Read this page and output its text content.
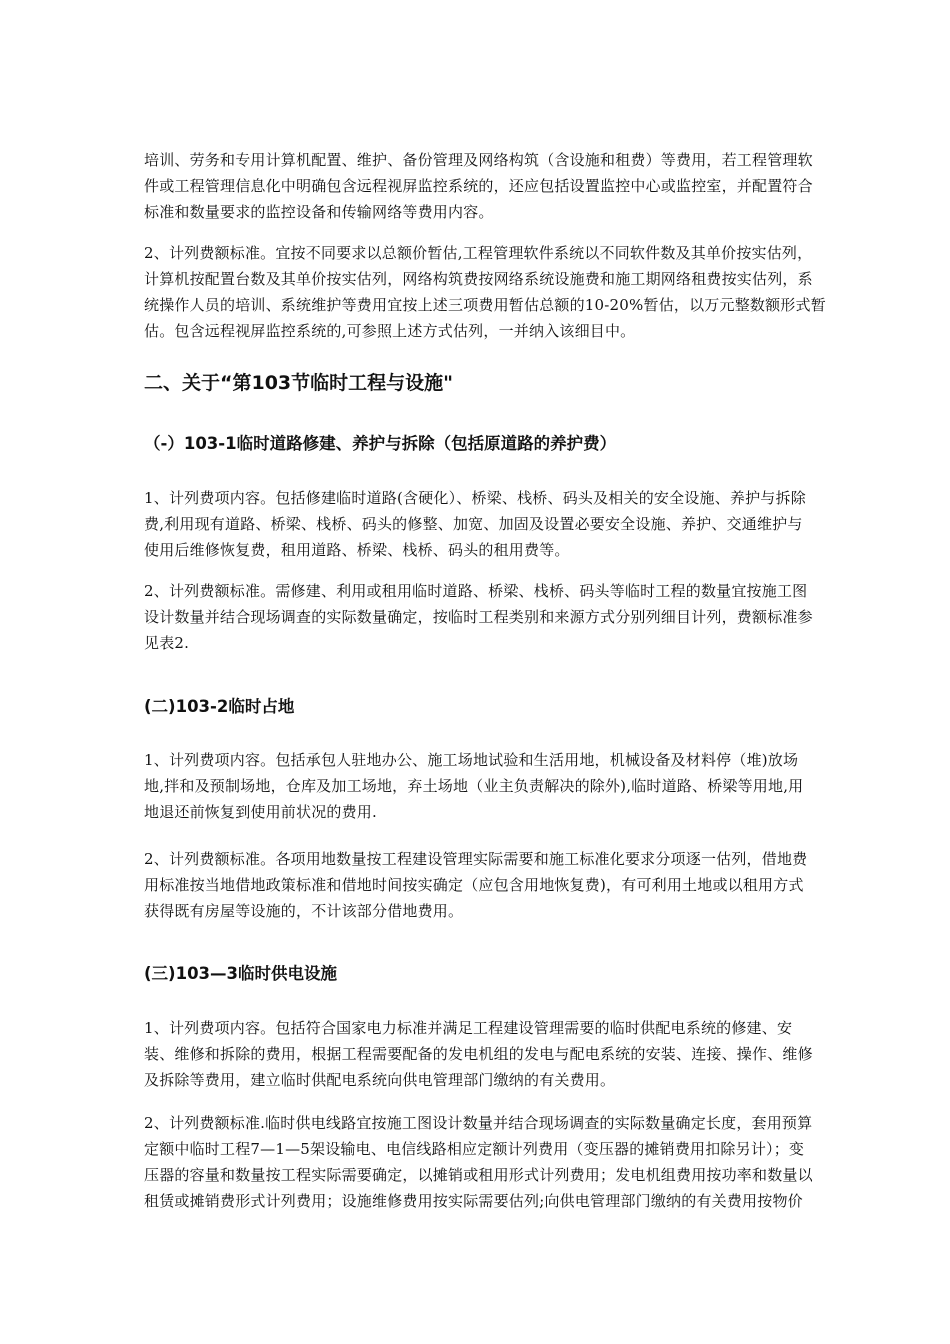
培训、劳务和专用计算机配置、维护、备份管理及网络构筑（含设施和租费）等费用，若工程管理软
件或工程管理信息化中明确包含远程视屏监控系统的，还应包括设置监控中心或监控室，并配置符合
标准和数量要求的监控设备和传输网络等费用内容。

2、计列费额标准。宜按不同要求以总额价暂估,工程管理软件系统以不同软件数及其单价按实估列，
计算机按配置台数及其单价按实估列，网络构筑费按网络系统设施费和施工期网络租费按实估列，系
统操作人员的培训、系统维护等费用宜按上述三项费用暂估总额的10-20%暂估，以万元整数额形式暂
估。包含远程视屏监控系统的,可参照上述方式估列，一并纳入该细目中。

二、关于“第103节临时工程与设施"
（-）103-1临时道路修建、养护与拆除（包括原道路的养护费）

1、计列费项内容。包括修建临时道路(含硬化）、桥梁、栈桥、码头及相关的安全设施、养护与拆除
费,利用现有道路、桥梁、栈桥、码头的修整、加宽、加固及设置必要安全设施、养护、交通维护与
使用后维修恢复费，租用道路、桥梁、栈桥、码头的租用费等。

2、计列费额标准。需修建、利用或租用临时道路、桥梁、栈桥、码头等临时工程的数量宜按施工图
设计数量并结合现场调查的实际数量确定，按临时工程类别和来源方式分别列细目计列，费额标准参
见表2.

(二)103-2临时占地

1、计列费项内容。包括承包人驻地办公、施工场地试验和生活用地，机械设备及材料停（堆)放场
地,拌和及预制场地，仓库及加工场地，弃土场地（业主负责解决的除外),临时道路、桥梁等用地,用
地退还前恢复到使用前状况的费用.

2、计列费额标准。各项用地数量按工程建设管理实际需要和施工标准化要求分项逐一估列，借地费
用标准按当地借地政策标准和借地时间按实确定（应包含用地恢复费)，有可利用土地或以租用方式
获得既有房屋等设施的，不计该部分借地费用。

(三)103—3临时供电设施

1、计列费项内容。包括符合国家电力标准并满足工程建设管理需要的临时供配电系统的修建、安
装、维修和拆除的费用，根据工程需要配备的发电机组的发电与配电系统的安装、连接、操作、维修
及拆除等费用，建立临时供配电系统向供电管理部门缴纳的有关费用。

2、计列费额标准.临时供电线路宜按施工图设计数量并结合现场调查的实际数量确定长度，套用预算
定额中临时工程7—1—5架设输电、电信线路相应定额计列费用（变压器的摊销费用扣除另计）；变
压器的容量和数量按工程实际需要确定，以摊销或租用形式计列费用；发电机组费用按功率和数量以
租赁或摊销费形式计列费用；设施维修费用按实际需要估列;向供电管理部门缴纳的有关费用按物价
